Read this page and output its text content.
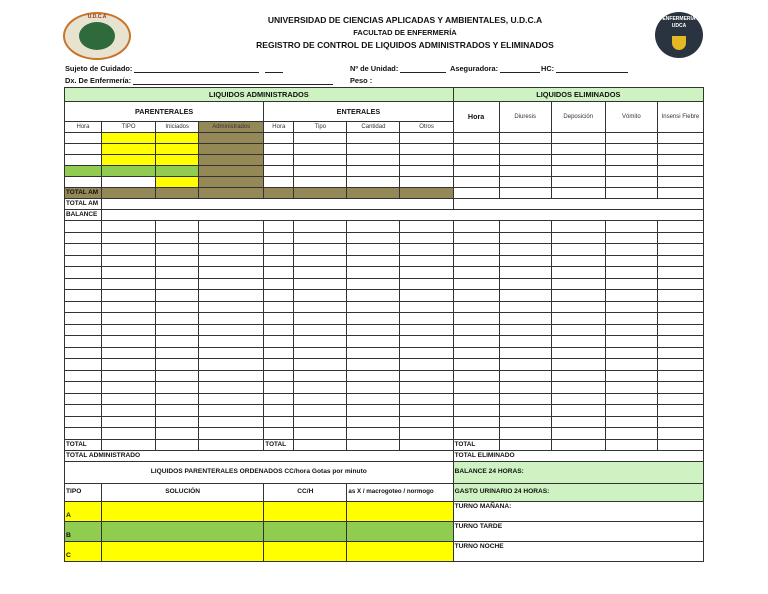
U.D.C.A	ENFERMERIA UDCA
UNIVERSIDAD DE CIENCIAS APLICADAS Y AMBIENTALES, U.D.C.A
FACULTAD DE ENFERMERÍA
REGISTRO DE CONTROL DE LIQUIDOS ADMINISTRADOS Y ELIMINADOS
Sujeto de Cuidado:	Nº de Unidad:	Aseguradora:	HC:
Dx. De Enfermería:	Peso :
LIQUIDOS ADMINISTRADOS								LIQUIDOS ELIMINADOS				
PARENTERALES				ENTERALES				Hora	Diuresis	Deposición	Vómito	Insensi Fiebre
Hora	TIPO	Iniciados	Administrados	Hora	Tipo	Cantidad	Otros					

TOTAL AM												
TOTAL AM												
BALANCE												

TOTAL				TOTAL				TOTAL				
TOTAL ADMINISTRADO								TOTAL ELIMINADO				
LIQUIDOS PARENTERALES ORDENADOS CC/hora Gotas por minuto								BALANCE 24 HORAS:				
TIPO	SOLUCIÓN			CC/H		as X / macrogoteo / normogo		GASTO URINARIO 24 HORAS:				
A								TURNO MAÑANA:				
B								TURNO TARDE				
C								TURNO NOCHE				
